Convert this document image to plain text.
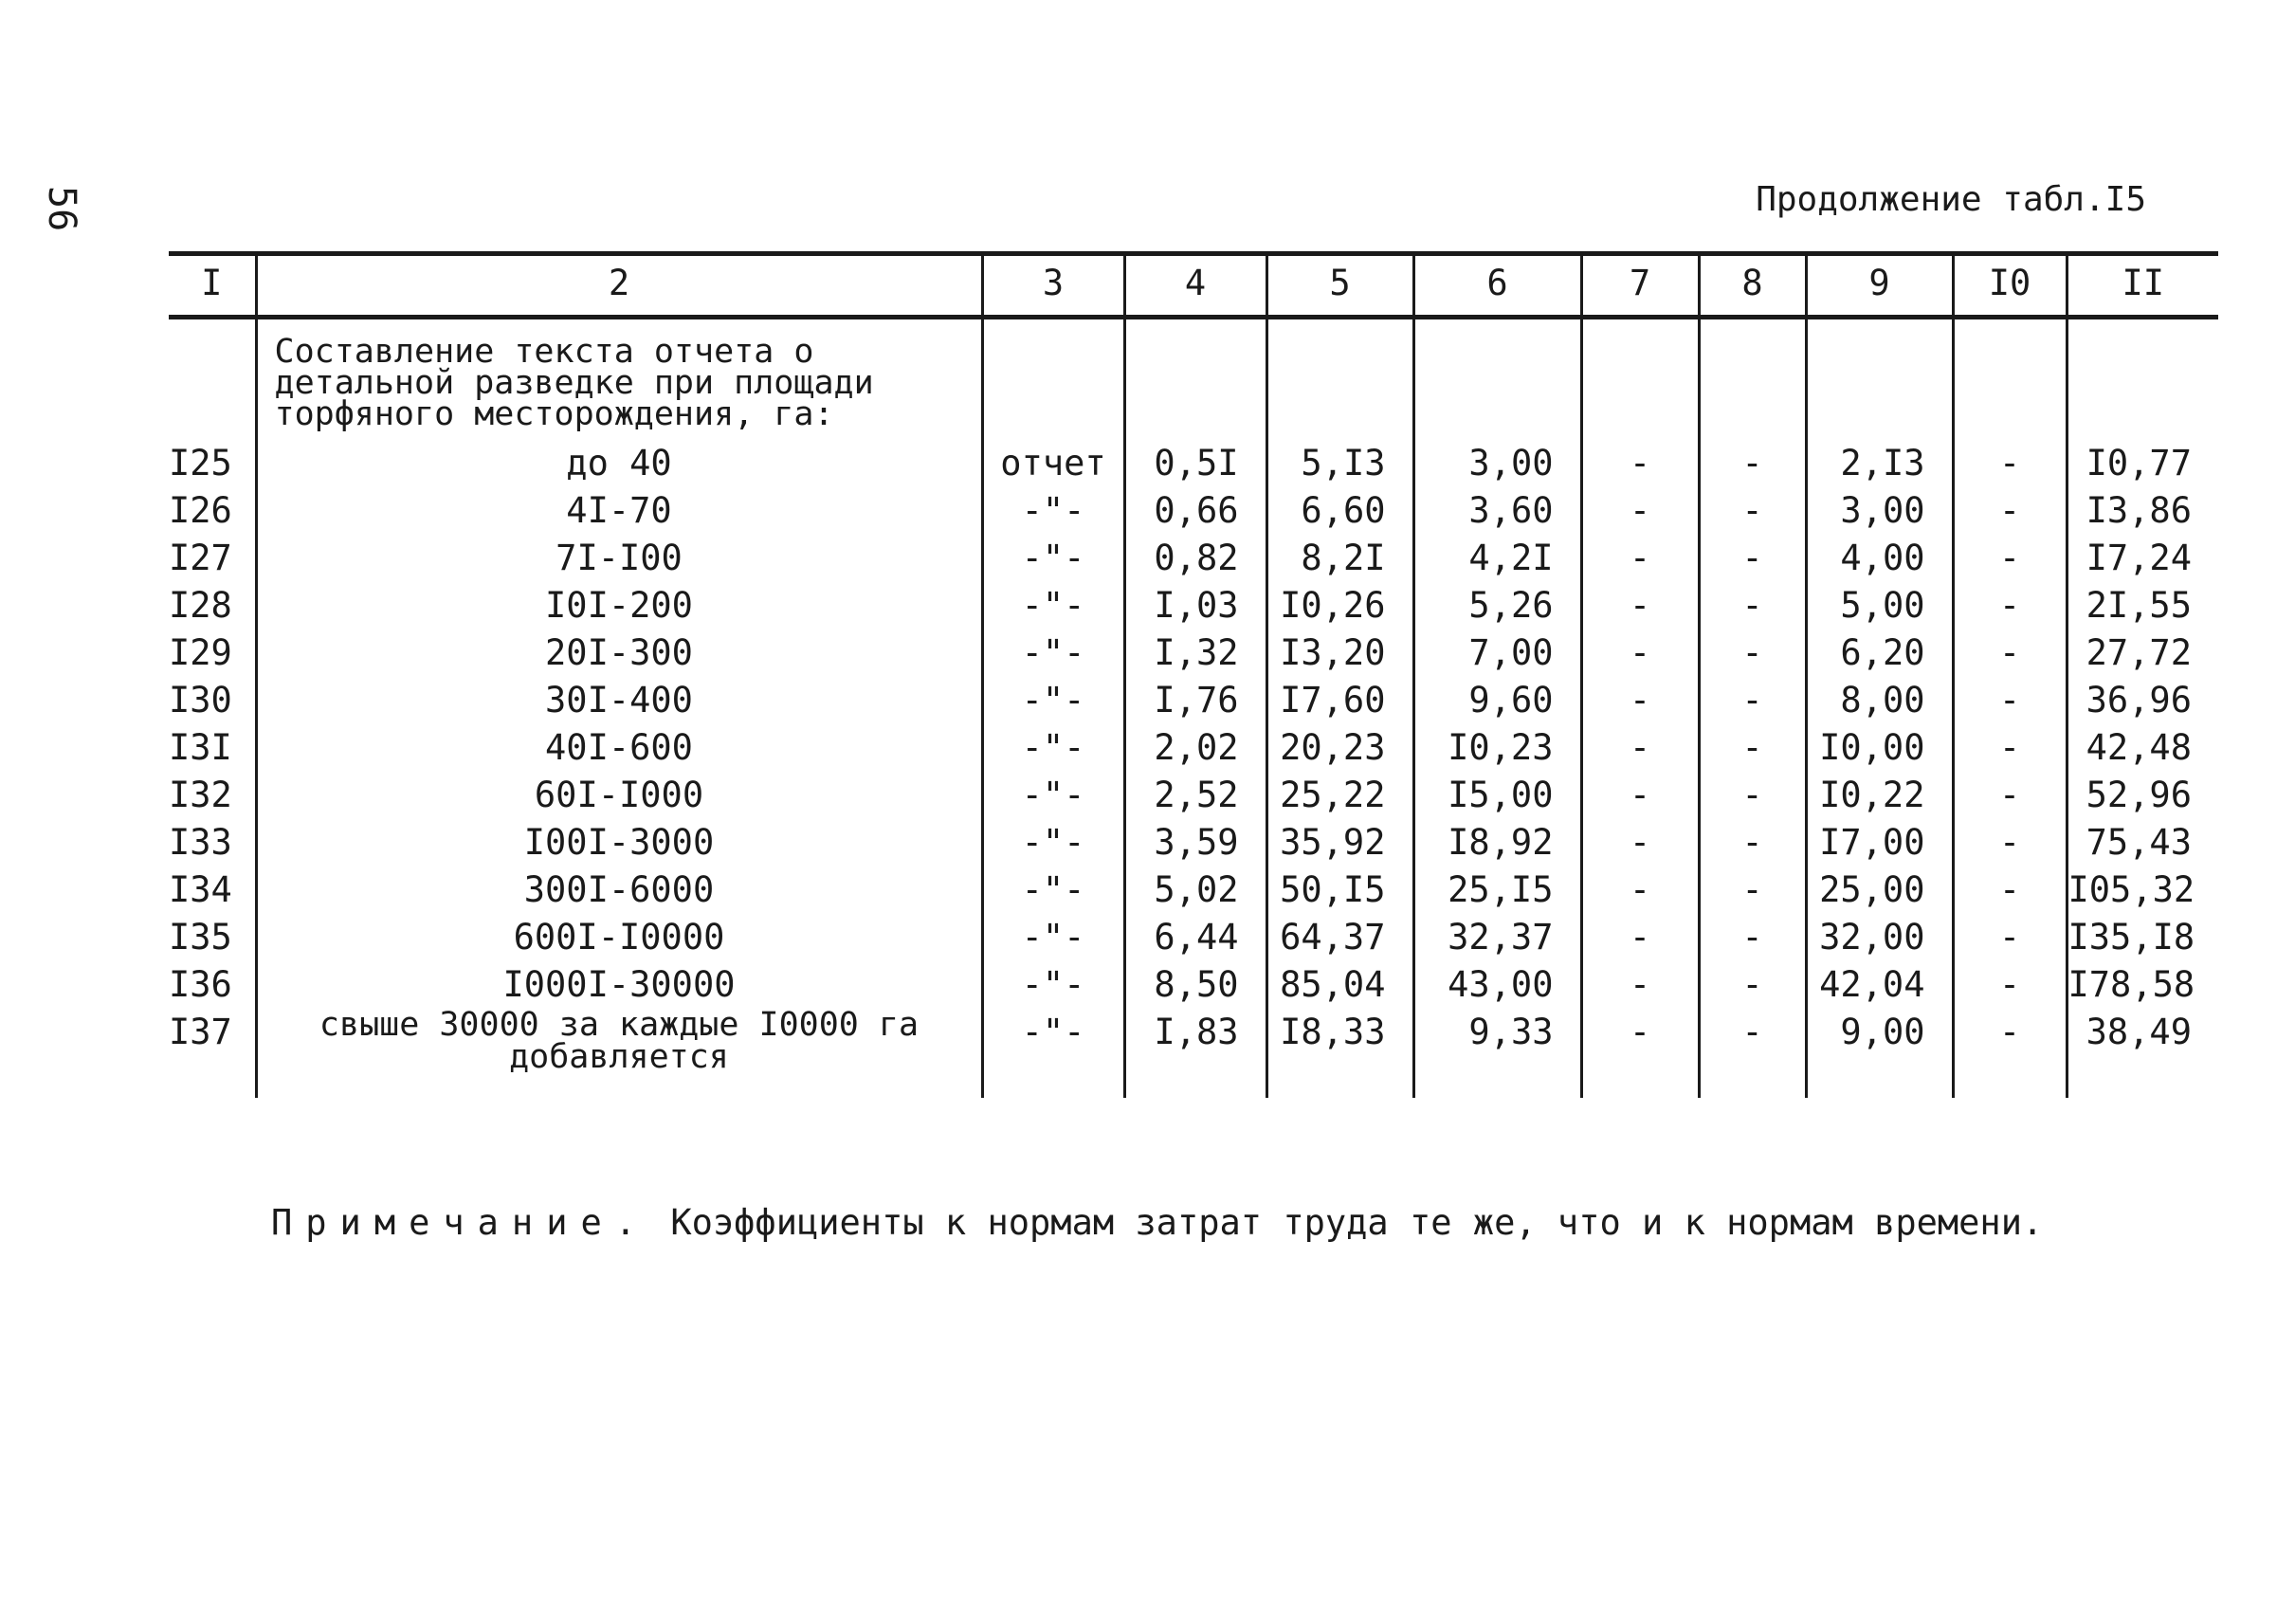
56	Продолжение табл.I5
I	2	3	4	5	6	7	8	9	I0	II
	Составление текста отчета о детальной разведке при площади торфяного месторождения, га:									
I25	до 40	отчет	0,5I	5,I3	3,00	-	-	2,I3	-	I0,77
I26	4I-70	-"-	0,66	6,60	3,60	-	-	3,00	-	I3,86
I27	7I-I00	-"-	0,82	8,2I	4,2I	-	-	4,00	-	I7,24
I28	I0I-200	-"-	I,03	I0,26	5,26	-	-	5,00	-	2I,55
I29	20I-300	-"-	I,32	I3,20	7,00	-	-	6,20	-	27,72
I30	30I-400	-"-	I,76	I7,60	9,60	-	-	8,00	-	36,96
I3I	40I-600	-"-	2,02	20,23	I0,23	-	-	I0,00	-	42,48
I32	60I-I000	-"-	2,52	25,22	I5,00	-	-	I0,22	-	52,96
I33	I00I-3000	-"-	3,59	35,92	I8,92	-	-	I7,00	-	75,43
I34	300I-6000	-"-	5,02	50,I5	25,I5	-	-	25,00	-	I05,32
I35	600I-I0000	-"-	6,44	64,37	32,37	-	-	32,00	-	I35,I8
I36	I000I-30000	-"-	8,50	85,04	43,00	-	-	42,04	-	I78,58
I37	свыше 30000 за каждые I0000 га добавляется	-"-	I,83	I8,33	9,33	-	-	9,00	-	38,49

Примечание. Коэффициенты к нормам затрат труда те же, что и к нормам времени.
